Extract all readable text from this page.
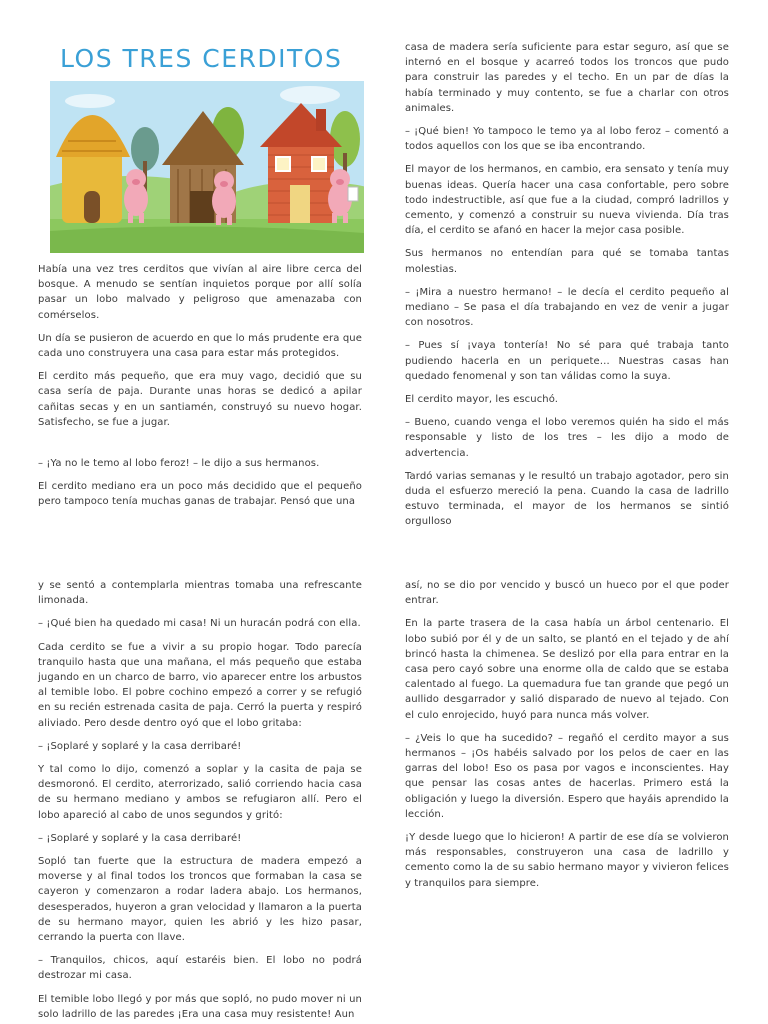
LOS TRES CERDITOS

Había una vez tres cerditos que vivían al aire libre cerca del bosque. A menudo se sentían inquietos porque por allí solía pasar un lobo malvado y peligroso que amenazaba con comérselos.

Un día se pusieron de acuerdo en que lo más prudente era que cada uno construyera una casa para estar más protegidos.

El cerdito más pequeño, que era muy vago, decidió que su casa sería de paja. Durante unas horas se dedicó a apilar cañitas secas y en un santiamén, construyó su nuevo hogar. Satisfecho, se fue a jugar.

– ¡Ya no le temo al lobo feroz! – le dijo a sus hermanos.

El cerdito mediano era un poco más decidido que el pequeño pero tampoco tenía muchas ganas de trabajar. Pensó que una

casa de madera sería suficiente para estar seguro, así que se internó en el bosque y acarreó todos los troncos que pudo para construir las paredes y el techo. En un par de días la había terminado y muy contento, se fue a charlar con otros animales.

– ¡Qué bien! Yo tampoco le temo ya al lobo feroz – comentó a todos aquellos con los que se iba encontrando.

El mayor de los hermanos, en cambio, era sensato y tenía muy buenas ideas. Quería hacer una casa confortable, pero sobre todo indestructible, así que fue a la ciudad, compró ladrillos y cemento, y comenzó a construir su nueva vivienda. Día tras día, el cerdito se afanó en hacer la mejor casa posible.

Sus hermanos no entendían para qué se tomaba tantas molestias.

– ¡Mira a nuestro hermano! – le decía el cerdito pequeño al mediano – Se pasa el día trabajando en vez de venir a jugar con nosotros.

– Pues sí ¡vaya tontería! No sé para qué trabaja tanto pudiendo hacerla en un periquete… Nuestras casas han quedado fenomenal y son tan válidas como la suya.

El cerdito mayor, les escuchó.

– Bueno, cuando venga el lobo veremos quién ha sido el más responsable y listo de los tres – les dijo a modo de advertencia.

Tardó varias semanas y le resultó un trabajo agotador, pero sin duda el esfuerzo mereció la pena. Cuando la casa de ladrillo estuvo terminada, el mayor de los hermanos se sintió orgulloso

y se sentó a contemplarla mientras tomaba una refrescante limonada.

– ¡Qué bien ha quedado mi casa! Ni un huracán podrá con ella.

Cada cerdito se fue a vivir a su propio hogar. Todo parecía tranquilo hasta que una mañana, el más pequeño que estaba jugando en un charco de barro, vio aparecer entre los arbustos al temible lobo. El pobre cochino empezó a correr y se refugió en su recién estrenada casita de paja. Cerró la puerta y respiró aliviado. Pero desde dentro oyó que el lobo gritaba:

– ¡Soplaré y soplaré y la casa derribaré!

Y tal como lo dijo, comenzó a soplar y la casita de paja se desmoronó. El cerdito, aterrorizado, salió corriendo hacia casa de su hermano mediano y ambos se refugiaron allí. Pero el lobo apareció al cabo de unos segundos y gritó:

– ¡Soplaré y soplaré y la casa derribaré!

Sopló tan fuerte que la estructura de madera empezó a moverse y al final todos los troncos que formaban la casa se cayeron y comenzaron a rodar ladera abajo. Los hermanos, desesperados, huyeron a gran velocidad y llamaron a la puerta de su hermano mayor, quien les abrió y les hizo pasar, cerrando la puerta con llave.

– Tranquilos, chicos, aquí estaréis bien. El lobo no podrá destrozar mi casa.

El temible lobo llegó y por más que sopló, no pudo mover ni un solo ladrillo de las paredes ¡Era una casa muy resistente! Aun

así, no se dio por vencido y buscó un hueco por el que poder entrar.

En la parte trasera de la casa había un árbol centenario. El lobo subió por él y de un salto, se plantó en el tejado y de ahí brincó hasta la chimenea. Se deslizó por ella para entrar en la casa pero cayó sobre una enorme olla de caldo que se estaba calentado al fuego. La quemadura fue tan grande que pegó un aullido desgarrador y salió disparado de nuevo al tejado. Con el culo enrojecido, huyó para nunca más volver.

– ¿Veis lo que ha sucedido? – regañó el cerdito mayor a sus hermanos – ¡Os habéis salvado por los pelos de caer en las garras del lobo! Eso os pasa por vagos e inconscientes. Hay que pensar las cosas antes de hacerlas. Primero está la obligación y luego la diversión. Espero que hayáis aprendido la lección.

¡Y desde luego que lo hicieron! A partir de ese día se volvieron más responsables, construyeron una casa de ladrillo y cemento como la de su sabio hermano mayor y vivieron felices y tranquilos para siempre.
